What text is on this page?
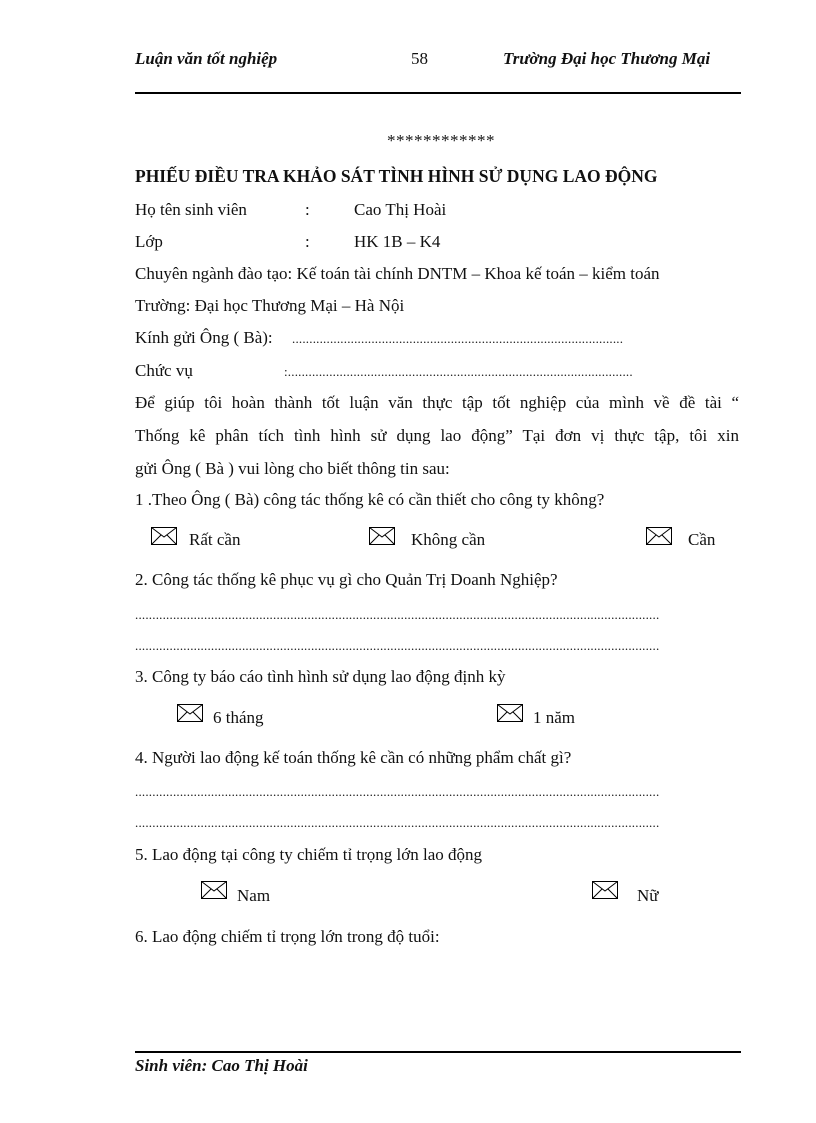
Luận văn tốt nghiệp	58	Trường Đại học Thương Mại
************
PHIẾU ĐIỀU TRA KHẢO SÁT TÌNH HÌNH SỬ DỤNG LAO ĐỘNG
Họ tên sinh viên	:	Cao Thị Hoài
Lớp	:	HK 1B – K4
Chuyên ngành đào tạo: Kế toán tài chính DNTM – Khoa kế toán – kiểm toán
Trường: Đại học Thương Mại – Hà Nội
Kính gửi Ông ( Bà): ................................................................................................
Chức vụ	:....................................................................................................
Để giúp tôi hoàn thành tốt luận văn thực tập tốt nghiệp của mình về đề tài “
Thống kê phân tích tình hình sử dụng lao động” Tại đơn vị thực tập, tôi xin
gửi Ông ( Bà ) vui lòng cho biết thông tin sau:
1 .Theo Ông ( Bà) công tác thống kê có cần thiết cho công ty không?
Rất cần	Không cần	Cần
2. Công tác thống kê phục vụ gì cho Quản Trị Doanh Nghiệp?
........................................................................................................................................................
........................................................................................................................................................
3. Công ty báo cáo tình hình sử dụng lao động định kỳ
6 tháng	1 năm
4. Người lao động kế toán thống kê cần có những phẩm chất gì?
........................................................................................................................................................
........................................................................................................................................................
5. Lao động tại công ty chiếm tỉ trọng lớn lao động
Nam	Nữ
6. Lao động chiếm tỉ trọng lớn trong độ tuổi:
Sinh viên: Cao Thị Hoài
